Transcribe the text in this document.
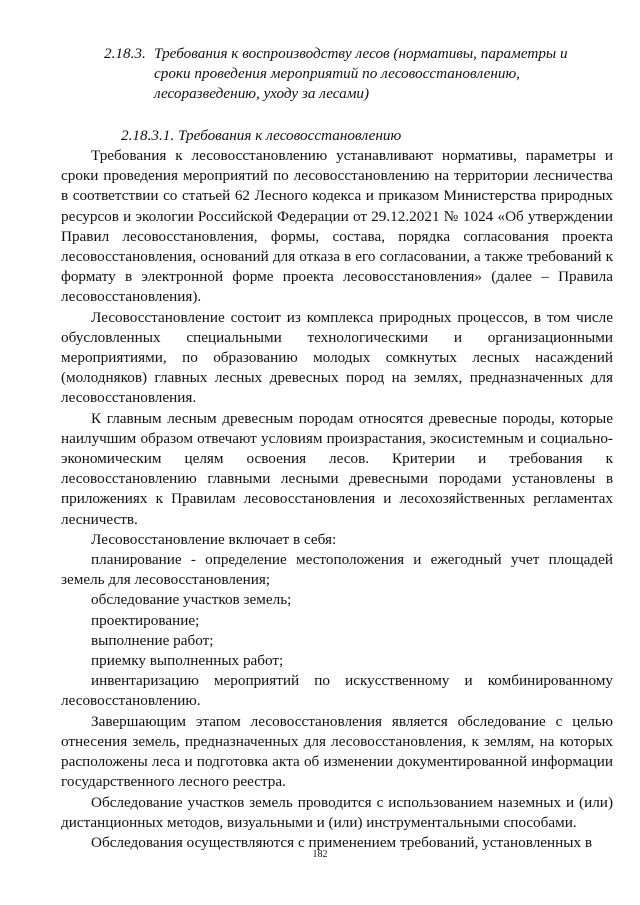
2.18.3. Требования к воспроизводству лесов (нормативы, параметры и сроки проведения мероприятий по лесовосстановлению, лесоразведению, уходу за лесами)
2.18.3.1. Требования к лесовосстановлению

Требования к лесовосстановлению устанавливают нормативы, параметры и сроки проведения мероприятий по лесовосстановлению на территории лесничества в соответствии со статьей 62 Лесного кодекса и приказом Министерства природных ресурсов и экологии Российской Федерации от 29.12.2021 № 1024 «Об утверждении Правил лесовосстановления, формы, состава, порядка согласования проекта лесовосстановления, оснований для отказа в его согласовании, а также требований к формату в электронной форме проекта лесовосстановления» (далее – Правила лесовосстановления).

Лесовосстановление состоит из комплекса природных процессов, в том числе обусловленных специальными технологическими и организационными мероприятиями, по образованию молодых сомкнутых лесных насаждений (молодняков) главных лесных древесных пород на землях, предназначенных для лесовосстановления.

К главным лесным древесным породам относятся древесные породы, которые наилучшим образом отвечают условиям произрастания, экосистемным и социально-экономическим целям освоения лесов. Критерии и требования к лесовосстановлению главными лесными древесными породами установлены в приложениях к Правилам лесовосстановления и лесохозяйственных регламентах лесничеств.

Лесовосстановление включает в себя:

планирование - определение местоположения и ежегодный учет площадей земель для лесовосстановления;

обследование участков земель;

проектирование;

выполнение работ;

приемку выполненных работ;

инвентаризацию мероприятий по искусственному и комбинированному лесовосстановлению.

Завершающим этапом лесовосстановления является обследование с целью отнесения земель, предназначенных для лесовосстановления, к землям, на которых расположены леса и подготовка акта об изменении документированной информации государственного лесного реестра.

Обследование участков земель проводится с использованием наземных и (или) дистанционных методов, визуальными и (или) инструментальными способами.

Обследования осуществляются с применением требований, установленных в

182
